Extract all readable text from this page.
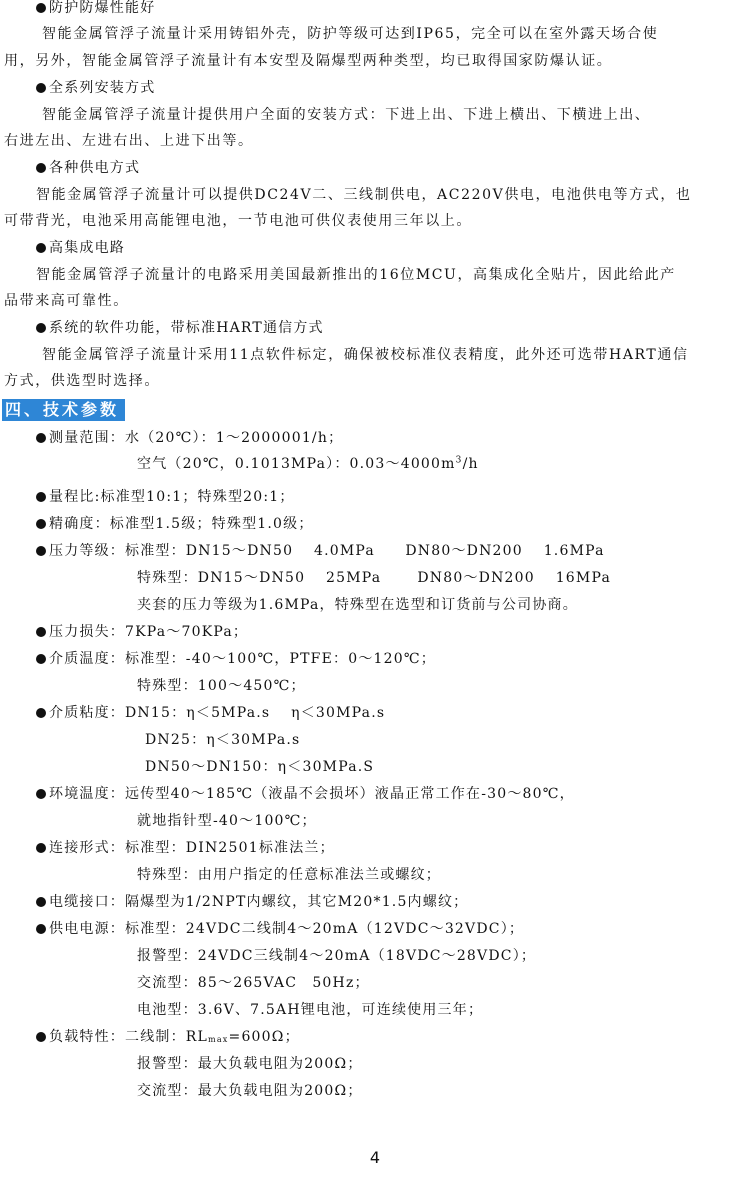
防护防爆性能好
智能金属管浮子流量计采用铸铝外壳，防护等级可达到IP65，完全可以在室外露天场合使
用，另外，智能金属管浮子流量计有本安型及隔爆型两种类型，均已取得国家防爆认证。
全系列安装方式
智能金属管浮子流量计提供用户全面的安装方式：下进上出、下进上横出、下横进上出、
右进左出、左进右出、上进下出等。
各种供电方式
智能金属管浮子流量计可以提供DC24V二、三线制供电，AC220V供电，电池供电等方式，也
可带背光，电池采用高能锂电池，一节电池可供仪表使用三年以上。
高集成电路
智能金属管浮子流量计的电路采用美国最新推出的16位MCU，高集成化全贴片，因此给此产
品带来高可靠性。
系统的软件功能，带标准HART通信方式
智能金属管浮子流量计采用11点软件标定，确保被校标准仪表精度，此外还可选带HART通信
方式，供选型时选择。
四、技术参数
测量范围：水（20℃）：1～2000001/h；
空气（20℃，0.1013MPa）：$0.03\sim 4000m^3/h$
量程比:标准型10:1；特殊型20:1；
精确度：标准型1.5级；特殊型1.0级；
压力等级：标准型：DN15～DN50　 4.0MPa　　DN80～DN200　 1.6MPa
特殊型：DN15～DN50　 25MPa　　 DN80～DN200　 16MPa
夹套的压力等级为1.6MPa，特殊型在选型和订货前与公司协商。
压力损失：7KPa～70KPa；
介质温度：标准型：-40～100℃，PTFE：0～120℃；
特殊型：100～450℃；
介质粘度：DN15：η＜5MPa.s　 η＜30MPa.s
DN25：η＜30MPa.s
DN50～DN150：η＜30MPa.S
环境温度：远传型40～185℃（液晶不会损坏）液晶正常工作在-30～80℃，
就地指针型-40～100℃；
连接形式：标准型：DIN2501标准法兰；
特殊型：由用户指定的任意标准法兰或螺纹；
电缆接口：隔爆型为1/2NPT内螺纹，其它M20*1.5内螺纹；
供电电源：标准型：24VDC二线制4～20mA（12VDC～32VDC）；
报警型：24VDC三线制4～20mA（18VDC～28VDC）；
交流型：85～265VAC　50Hz；
电池型：3.6V、7.5AH锂电池，可连续使用三年；
负载特性：二线制：$RL_{max}=600\Omega$；
报警型：最大负载电阻为200Ω；
交流型：最大负载电阻为200Ω；
4
